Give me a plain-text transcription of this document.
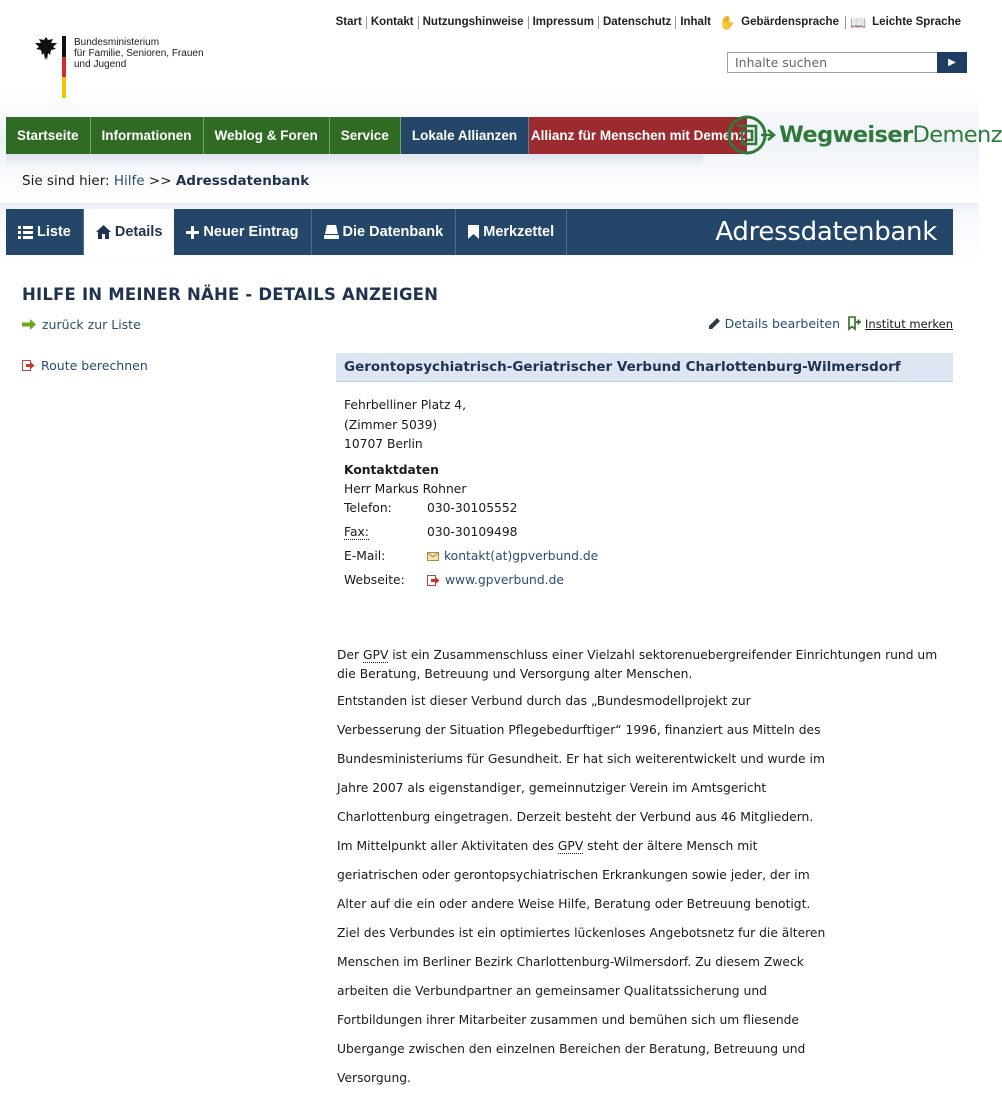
Bundesministerium
für Familie, Senioren, Frauen
und Jugend
Start Kontakt Nutzungshinweise Impressum Datenschutz Inhalt ✋ Gebärdensprache 📖 Leichte Sprache
Inhalte suchen
▶
Startseite	Informationen	Weblog & Foren	Service	Lokale Allianzen	Allianz für Menschen mit Demenz WegweiserDemenz
Sie sind hier: Hilfe >> Adressdatenbank
Liste	Details	Neuer Eintrag	Die Datenbank	Merkzettel	Adressdatenbank
HILFE IN MEINER NÄHE - DETAILS ANZEIGEN
zurück zur Liste	Details bearbeiten Institut merken
Route berechnen	Gerontopsychiatrisch-Geriatrischer Verbund Charlottenburg-Wilmersdorf
Fehrbelliner Platz 4,
(Zimmer 5039)
10707 Berlin
Kontaktdaten
Herr Markus Rohner
Telefon:	030-30105552
Fax:	030-30109498
E-Mail:	kontakt(at)gpverbund.de
Webseite:	www.gpverbund.de
Der GPV ist ein Zusammenschluss einer Vielzahl sektorenuebergreifender Einrichtungen rund um die Beratung, Betreuung und Versorgung alter Menschen.
Entstanden ist dieser Verbund durch das „Bundesmodellprojekt zur
Verbesserung der Situation Pflegebedurftiger“ 1996, finanziert aus Mitteln des
Bundesministeriums für Gesundheit. Er hat sich weiterentwickelt und wurde im
Jahre 2007 als eigenstandiger, gemeinnutziger Verein im Amtsgericht
Charlottenburg eingetragen. Derzeit besteht der Verbund aus 46 Mitgliedern.
Im Mittelpunkt aller Aktivitaten des GPV steht der ältere Mensch mit
geriatrischen oder gerontopsychiatrischen Erkrankungen sowie jeder, der im
Alter auf die ein oder andere Weise Hilfe, Beratung oder Betreuung benotigt.
Ziel des Verbundes ist ein optimiertes lückenloses Angebotsnetz fur die älteren
Menschen im Berliner Bezirk Charlottenburg-Wilmersdorf. Zu diesem Zweck
arbeiten die Verbundpartner an gemeinsamer Qualitatssicherung und
Fortbildungen ihrer Mitarbeiter zusammen und bemühen sich um fliesende
Ubergange zwischen den einzelnen Bereichen der Beratung, Betreuung und
Versorgung.
